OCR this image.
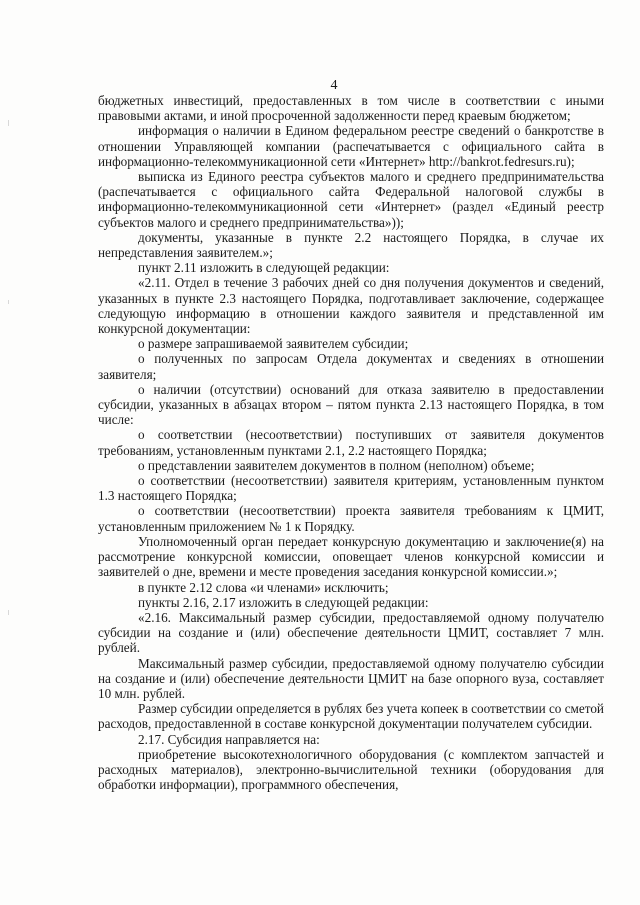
4

бюджетных инвестиций, предоставленных в том числе в соответствии с иными правовыми актами, и иной просроченной задолженности перед краевым бюджетом;

информация о наличии в Едином федеральном реестре сведений о банкротстве в отношении Управляющей компании (распечатывается с официального сайта в информационно-телекоммуникационной сети «Интернет» http://bankrot.fedresurs.ru);

выписка из Единого реестра субъектов малого и среднего предпринимательства (распечатывается с официального сайта Федеральной налоговой службы в информационно-телекоммуникационной сети «Интернет» (раздел «Единый реестр субъектов малого и среднего предпринимательства»));

документы, указанные в пункте 2.2 настоящего Порядка, в случае их непредставления заявителем.»;

пункт 2.11 изложить в следующей редакции:

«2.11. Отдел в течение 3 рабочих дней со дня получения документов и сведений, указанных в пункте 2.3 настоящего Порядка, подготавливает заключение, содержащее следующую информацию в отношении каждого заявителя и представленной им конкурсной документации:

о размере запрашиваемой заявителем субсидии;

о полученных по запросам Отдела документах и сведениях в отношении заявителя;

о наличии (отсутствии) оснований для отказа заявителю в предоставлении субсидии, указанных в абзацах втором – пятом пункта 2.13 настоящего Порядка, в том числе:

о соответствии (несоответствии) поступивших от заявителя документов требованиям, установленным пунктами 2.1, 2.2 настоящего Порядка;

о представлении заявителем документов в полном (неполном) объеме;

о соответствии (несоответствии) заявителя критериям, установленным пунктом 1.3 настоящего Порядка;

о соответствии (несоответствии) проекта заявителя требованиям к ЦМИТ, установленным приложением № 1 к Порядку.

Уполномоченный орган передает конкурсную документацию и заключение(я) на рассмотрение конкурсной комиссии, оповещает членов конкурсной комиссии и заявителей о дне, времени и месте проведения заседания конкурсной комиссии.»;

в пункте 2.12 слова «и членами» исключить;

пункты 2.16, 2.17 изложить в следующей редакции:

«2.16. Максимальный размер субсидии, предоставляемой одному получателю субсидии на создание и (или) обеспечение деятельности ЦМИТ, составляет 7 млн. рублей.

Максимальный размер субсидии, предоставляемой одному получателю субсидии на создание и (или) обеспечение деятельности ЦМИТ на базе опорного вуза, составляет 10 млн. рублей.

Размер субсидии определяется в рублях без учета копеек в соответствии со сметой расходов, предоставленной в составе конкурсной документации получателем субсидии.

2.17. Субсидия направляется на:

приобретение высокотехнологичного оборудования (с комплектом запчастей и расходных материалов), электронно-вычислительной техники (оборудования для обработки информации), программного обеспечения,
